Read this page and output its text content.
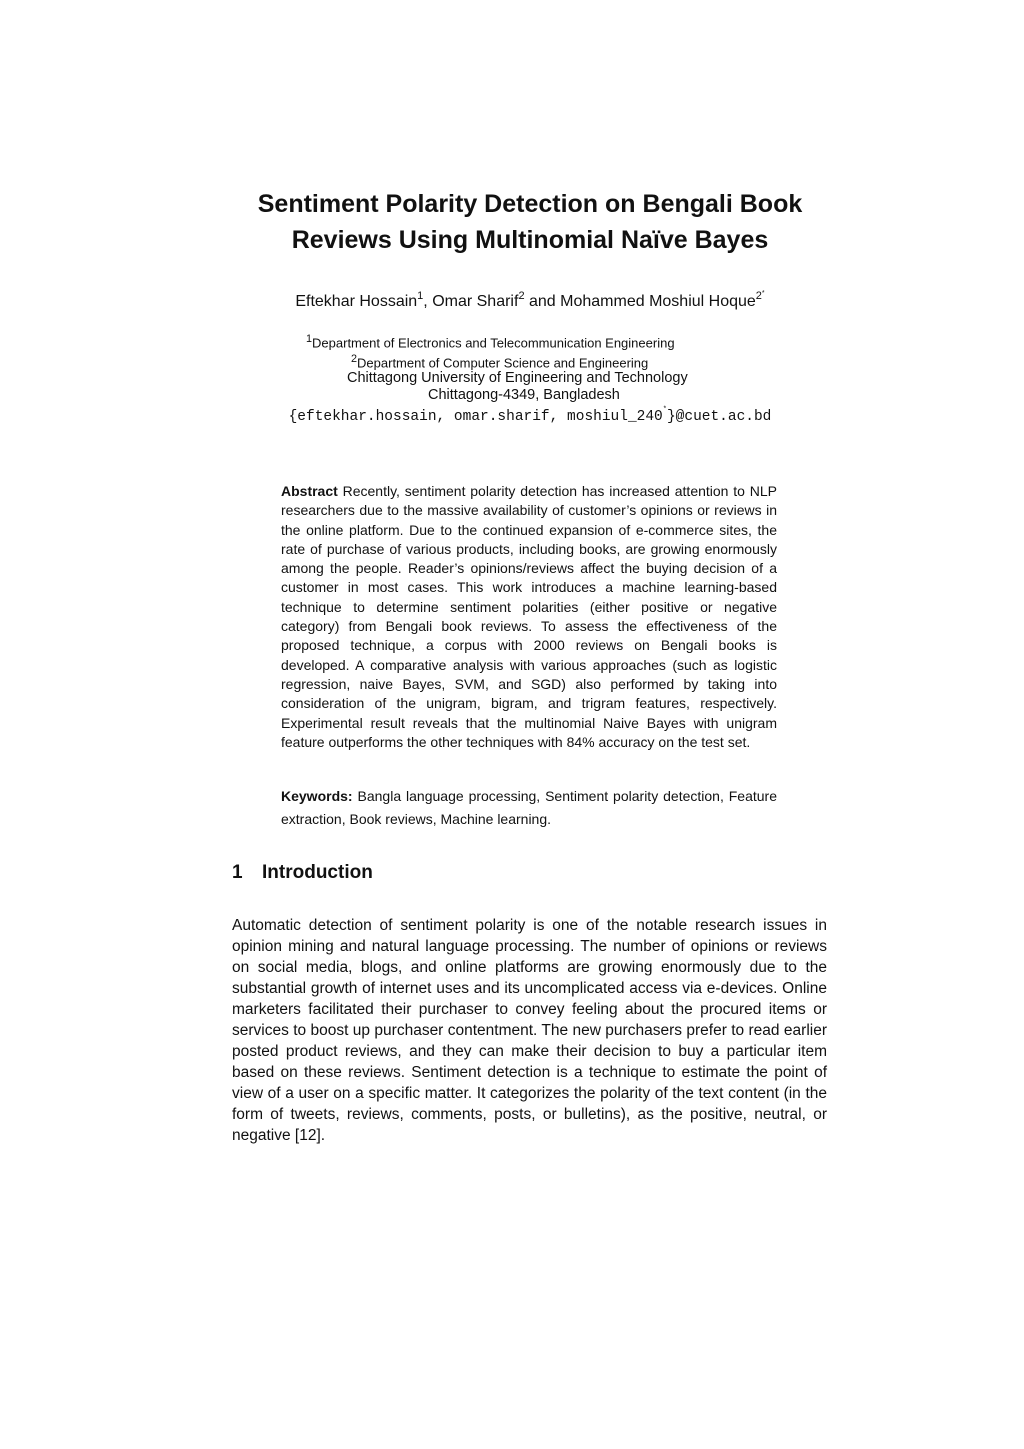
Sentiment Polarity Detection on Bengali Book
Reviews Using Multinomial Naïve Bayes
Eftekhar Hossain$^1$, Omar Sharif$^2$ and Mohammed Moshiul Hoque$^{2^*}$
$^1$Department of Electronics and Telecommunication Engineering
$^2$Department of Computer Science and Engineering
Chittagong University of Engineering and Technology
Chittagong-4349, Bangladesh
{eftekhar.hossain, omar.sharif, moshiul_240*}@cuet.ac.bd
Abstract Recently, sentiment polarity detection has increased attention to NLP researchers due to the massive availability of customer’s opinions or reviews in the online platform. Due to the continued expansion of e-commerce sites, the rate of purchase of various products, including books, are growing enormously among the people. Reader’s opinions/reviews affect the buying decision of a customer in most cases. This work introduces a machine learning-based technique to determine sentiment polarities (either positive or negative category) from Bengali book reviews. To assess the effectiveness of the proposed technique, a corpus with 2000 reviews on Bengali books is developed. A comparative analysis with various approaches (such as logistic regression, naive Bayes, SVM, and SGD) also performed by taking into consideration of the unigram, bigram, and trigram features, respectively. Experimental result reveals that the multinomial Naive Bayes with unigram feature outperforms the other techniques with 84% accuracy on the test set.
Keywords: Bangla language processing, Sentiment polarity detection, Feature extraction, Book reviews, Machine learning.
1 Introduction
Automatic detection of sentiment polarity is one of the notable research issues in opinion mining and natural language processing. The number of opinions or reviews on social media, blogs, and online platforms are growing enormously due to the substantial growth of internet uses and its uncomplicated access via e-devices. Online marketers facilitated their purchaser to convey feeling about the procured items or services to boost up purchaser contentment. The new purchasers prefer to read earlier posted product reviews, and they can make their decision to buy a particular item based on these reviews. Sentiment detection is a technique to estimate the point of view of a user on a specific matter. It categorizes the polarity of the text content (in the form of tweets, reviews, comments, posts, or bulletins), as the positive, neutral, or negative [12].
